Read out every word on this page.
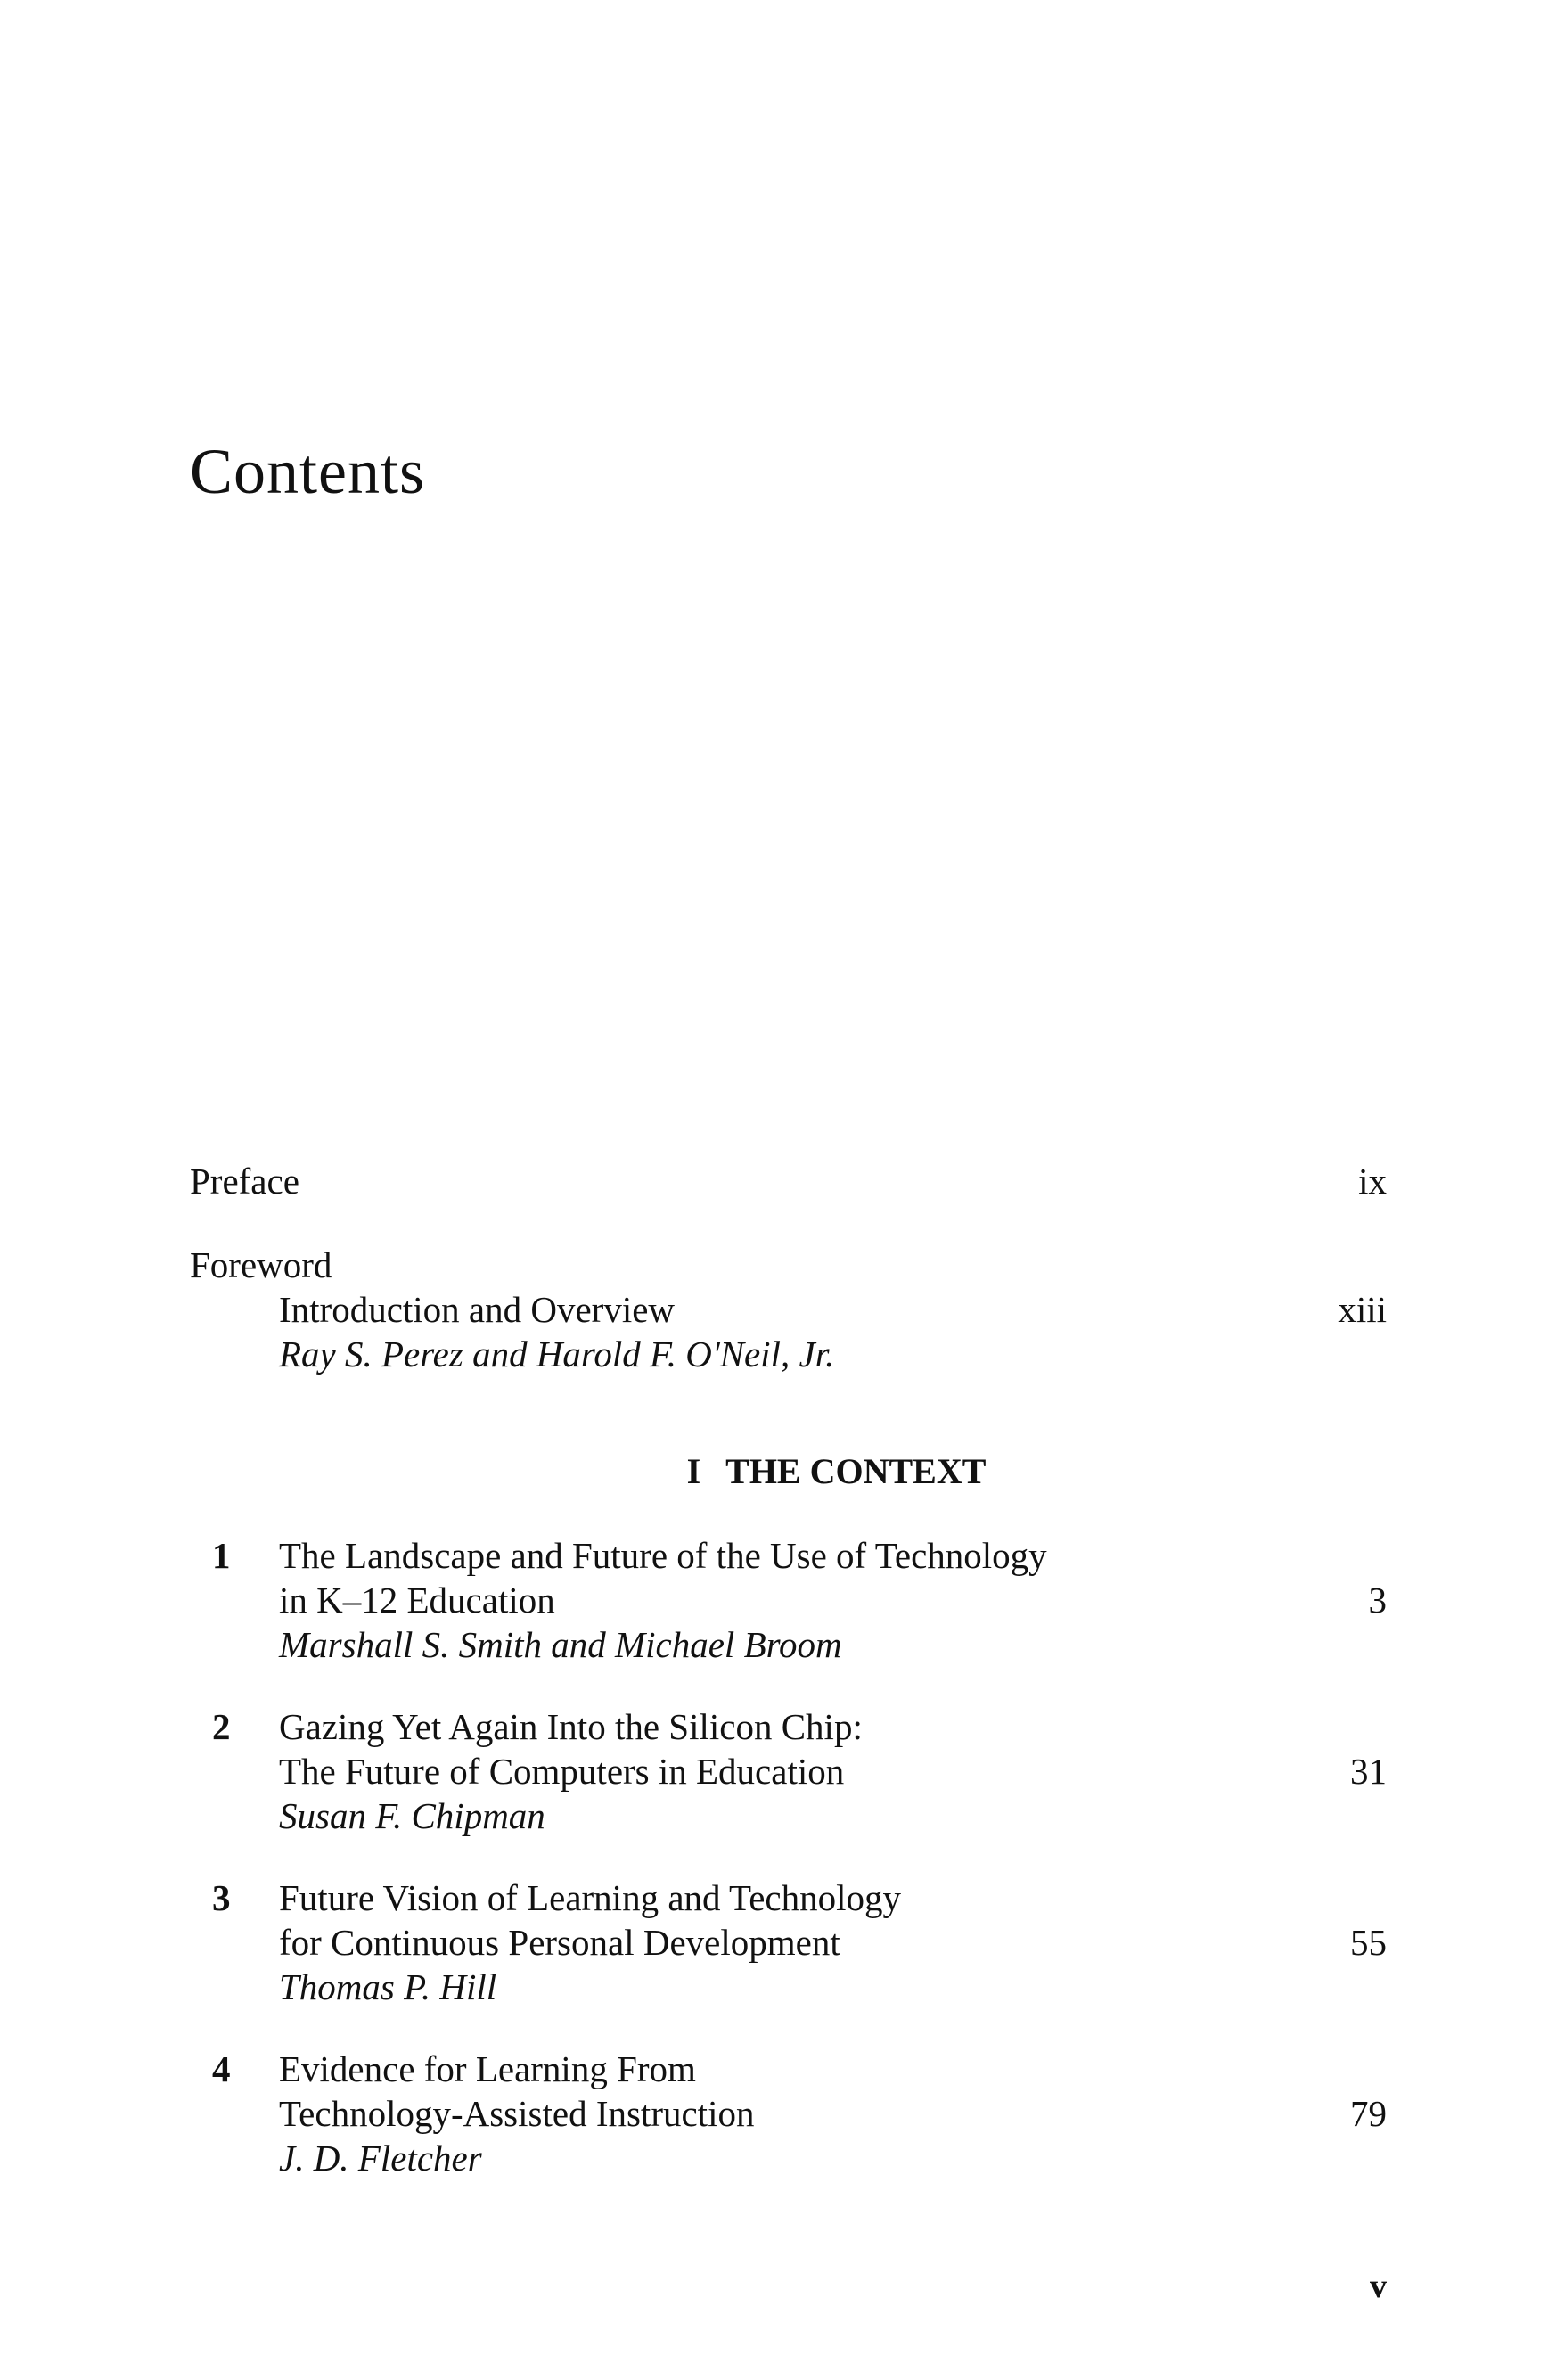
Contents
Preface	ix
Foreword
Introduction and Overview	xiii
Ray S. Perez and Harold F. O'Neil, Jr.
I THE CONTEXT
1 The Landscape and Future of the Use of Technology
in K–12 Education	3
Marshall S. Smith and Michael Broom
2 Gazing Yet Again Into the Silicon Chip:
The Future of Computers in Education	31
Susan F. Chipman
3 Future Vision of Learning and Technology
for Continuous Personal Development	55
Thomas P. Hill
4 Evidence for Learning From
Technology-Assisted Instruction	79
J. D. Fletcher
v
